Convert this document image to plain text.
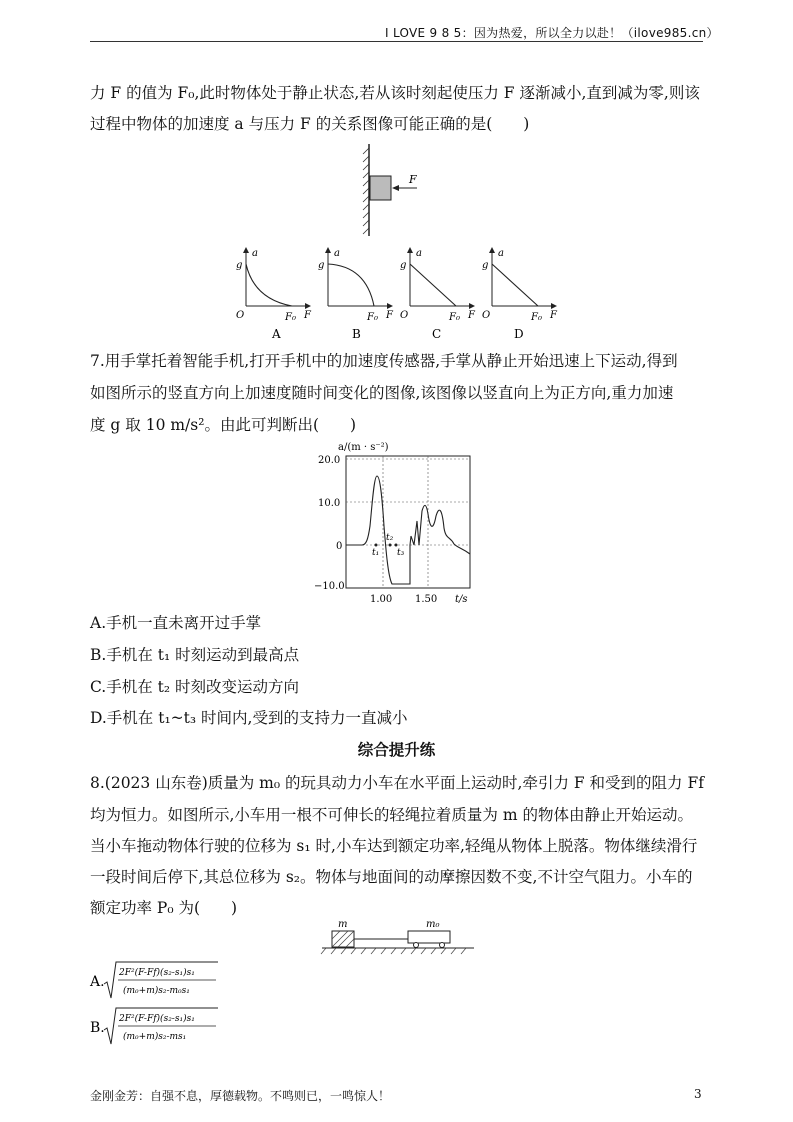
I LOVE 9 8 5：因为热爱，所以全力以赴！（ilove985.cn）
力 F 的值为 F₀,此时物体处于静止状态,若从该时刻起使压力 F 逐渐减小,直到减为零,则该
过程中物体的加速度 a 与压力 F 的关系图像可能正确的是(　　)
F
a
g
O	F₀ F
A
a
g
F₀ F
B
a
g
O	F₀ F
C
a
g
O	F₀ F
D
7.用手掌托着智能手机,打开手机中的加速度传感器,手掌从静止开始迅速上下运动,得到
如图所示的竖直方向上加速度随时间变化的图像,该图像以竖直向上为正方向,重力加速
度 g 取 10 m/s²。由此可判断出(　　)
a/(m · s⁻²)
20.0
10.0
0
−10.0
1.00 1.50 t/s
t₁
t₂
t₃
A.手机一直未离开过手掌
B.手机在 t₁ 时刻运动到最高点
C.手机在 t₂ 时刻改变运动方向
D.手机在 t₁~t₃ 时间内,受到的支持力一直减小
综合提升练
8.(2023 山东卷)质量为 m₀ 的玩具动力小车在水平面上运动时,牵引力 F 和受到的阻力 Ff
均为恒力。如图所示,小车用一根不可伸长的轻绳拉着质量为 m 的物体由静止开始运动。
当小车拖动物体行驶的位移为 s₁ 时,小车达到额定功率,轻绳从物体上脱落。物体继续滑行
一段时间后停下,其总位移为 s₂。物体与地面间的动摩擦因数不变,不计空气阻力。小车的
额定功率 P₀ 为(　　)
m	m₀
A.
2F²(F-Ff)(s₂-s₁)s₁
(m₀+m)s₂-m₀s₁
B.
2F²(F-Ff)(s₂-s₁)s₁
(m₀+m)s₂-ms₁
金刚金芳：自强不息，厚德载物。不鸣则已，一鸣惊人！	3
